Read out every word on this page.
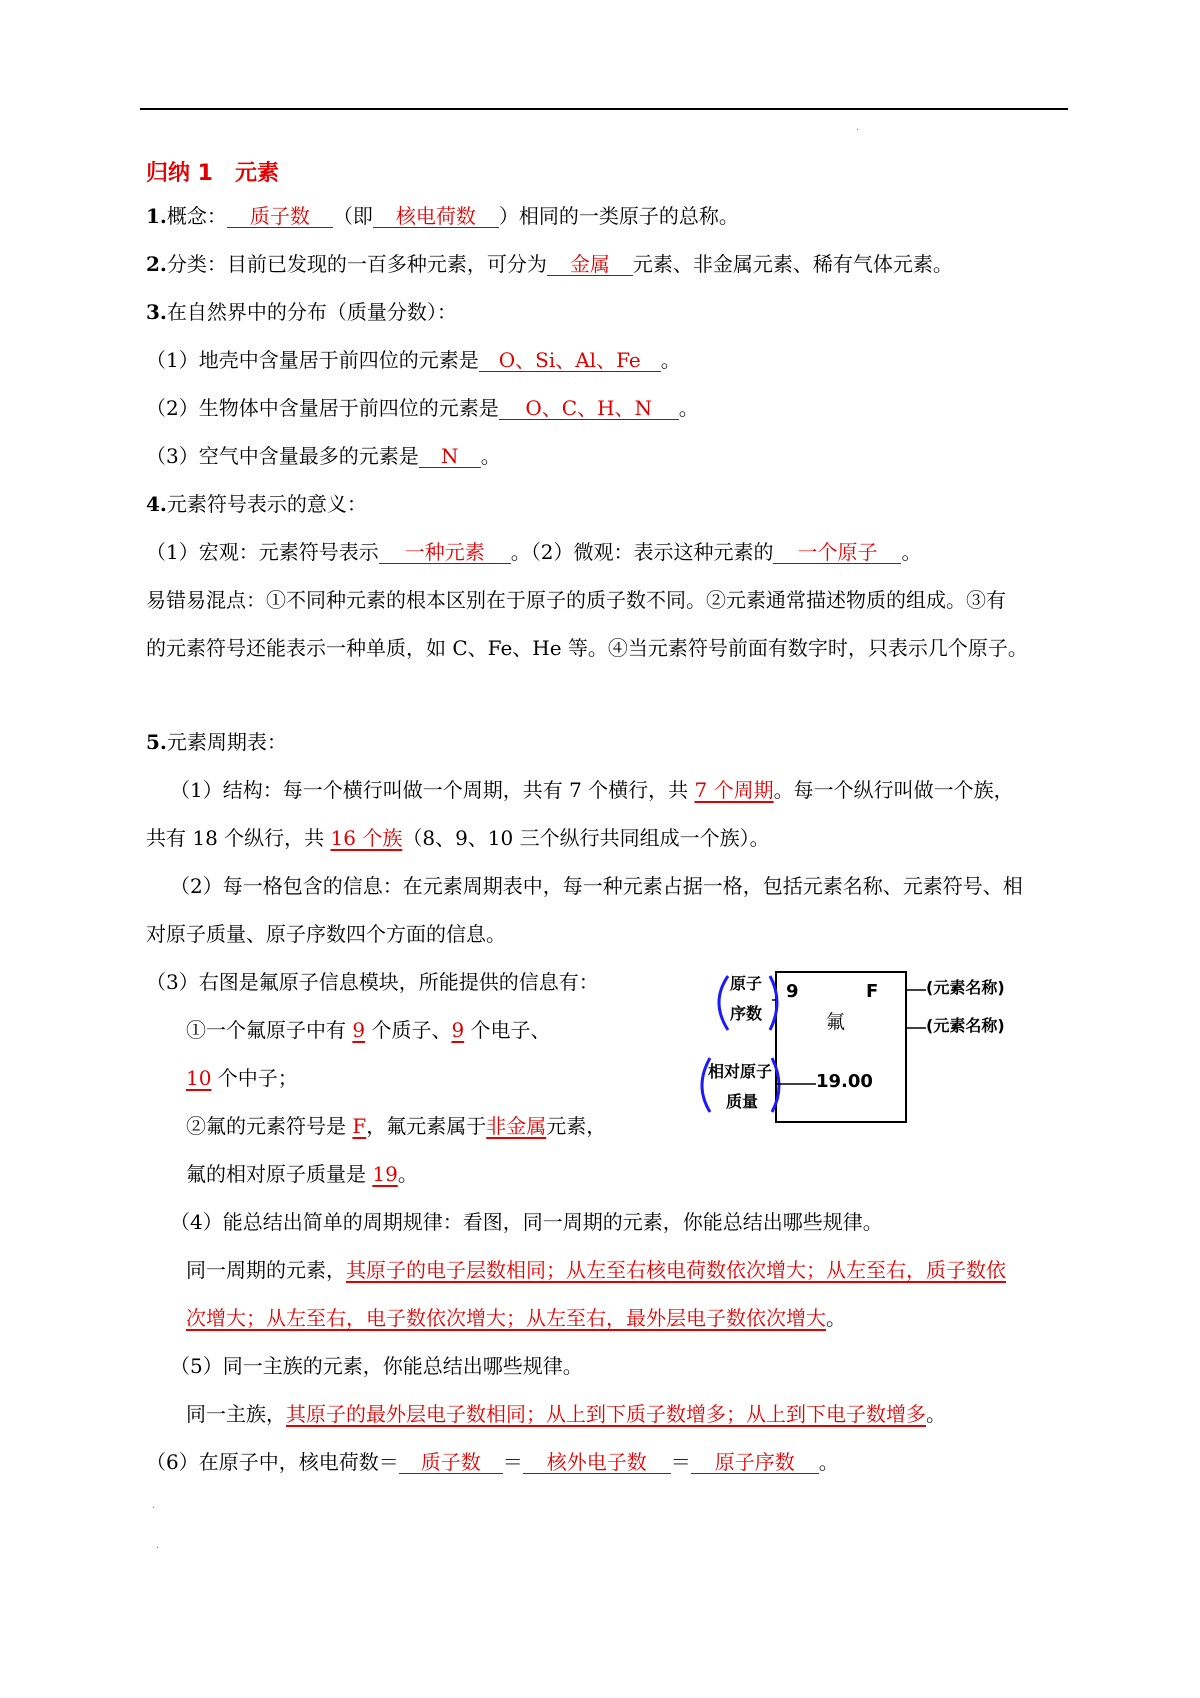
.
归纳 1　元素
1.概念： 质子数 （即 核电荷数 ）相同的一类原子的总称。
2.分类：目前已发现的一百多种元素，可分为 金属 元素、非金属元素、稀有气体元素。
3.在自然界中的分布（质量分数）：
（1）地壳中含量居于前四位的元素是 O、Si、Al、Fe 。
（2）生物体中含量居于前四位的元素是 O、C、H、N 。
（3）空气中含量最多的元素是 N 。
4.元素符号表示的意义：
（1）宏观：元素符号表示 一种元素 。（2）微观：表示这种元素的 一个原子 。
易错易混点：①不同种元素的根本区别在于原子的质子数不同。②元素通常描述物质的组成。③有
的元素符号还能表示一种单质，如 C、Fe、He 等。④当元素符号前面有数字时，只表示几个原子。
5.元素周期表：
（1）结构：每一个横行叫做一个周期，共有 7 个横行，共 7 个周期。每一个纵行叫做一个族，
共有 18 个纵行，共 16 个族（8、9、10 三个纵行共同组成一个族）。
（2）每一格包含的信息：在元素周期表中，每一种元素占据一格，包括元素名称、元素符号、相
对原子质量、原子序数四个方面的信息。
（3）右图是氟原子信息模块，所能提供的信息有：
①一个氟原子中有 9 个质子、9 个电子、
10 个中子；
②氟的元素符号是 F，氟元素属于非金属元素，
氟的相对原子质量是 19。
原子
序数
相对原子
质量
9	F
氟
19.00
(元素名称)
(元素名称)
（4）能总结出简单的周期规律：看图，同一周期的元素，你能总结出哪些规律。
同一周期的元素，其原子的电子层数相同；从左至右核电荷数依次增大；从左至右，质子数依
次增大；从左至右，电子数依次增大；从左至右，最外层电子数依次增大。
（5）同一主族的元素，你能总结出哪些规律。
同一主族，其原子的最外层电子数相同；从上到下质子数增多；从上到下电子数增多。
（6）在原子中，核电荷数＝ 质子数 ＝ 核外电子数 ＝ 原子序数 。
.
.
